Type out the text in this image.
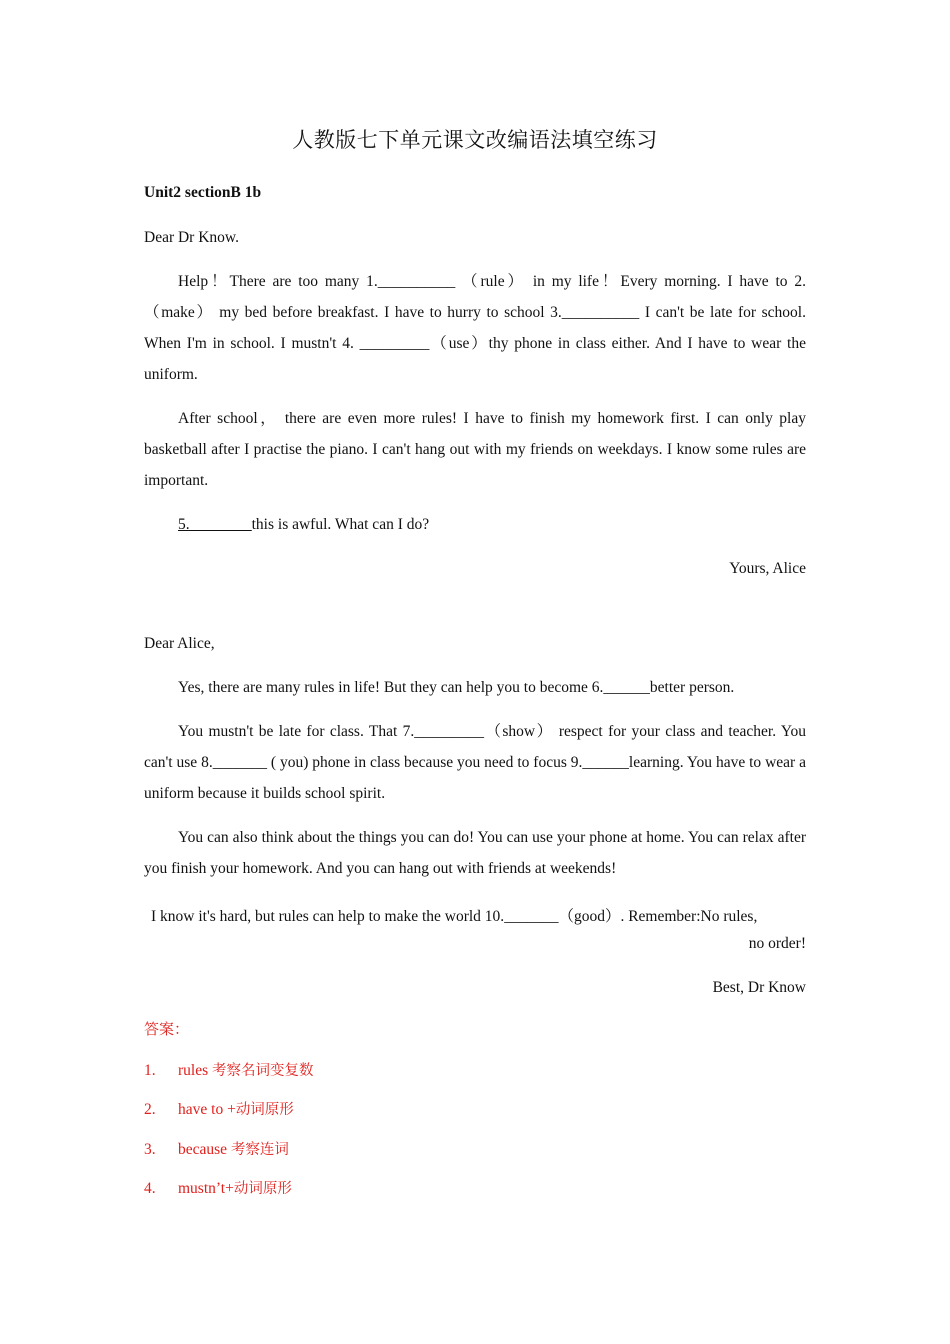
人教版七下单元课文改编语法填空练习
Unit2 sectionB 1b
Dear Dr Know.
Help！There are too many 1.__________ （rule） in my life！Every morning. I have to 2.（make） my bed before breakfast. I have to hurry to school 3.__________ I can't be late for school. When I'm in school. I mustn't 4. _________（use）thy phone in class either. And I have to wear the uniform.
After school， there are even more rules! I have to finish my homework first. I can only play basketball after I practise the piano. I can't hang out with my friends on weekdays. I know some rules are important.
5.________this is awful. What can I do?
Yours, Alice
Dear Alice,
Yes, there are many rules in life! But they can help you to become 6.______better person.
You mustn't be late for class. That 7._________（show） respect for your class and teacher. You can't use 8._______ ( you) phone in class because you need to focus 9.______learning. You have to wear a uniform because it builds school spirit.
You can also think about the things you can do! You can use your phone at home. You can relax after you finish your homework. And you can hang out with friends at weekends!
I know it's hard, but rules can help to make the world 10._______（good）. Remember:No rules,
no order!
Best, Dr Know
答案：
1. rules 考察名词变复数
2. have to +动词原形
3. because 考察连词
4. mustn’t+动词原形
